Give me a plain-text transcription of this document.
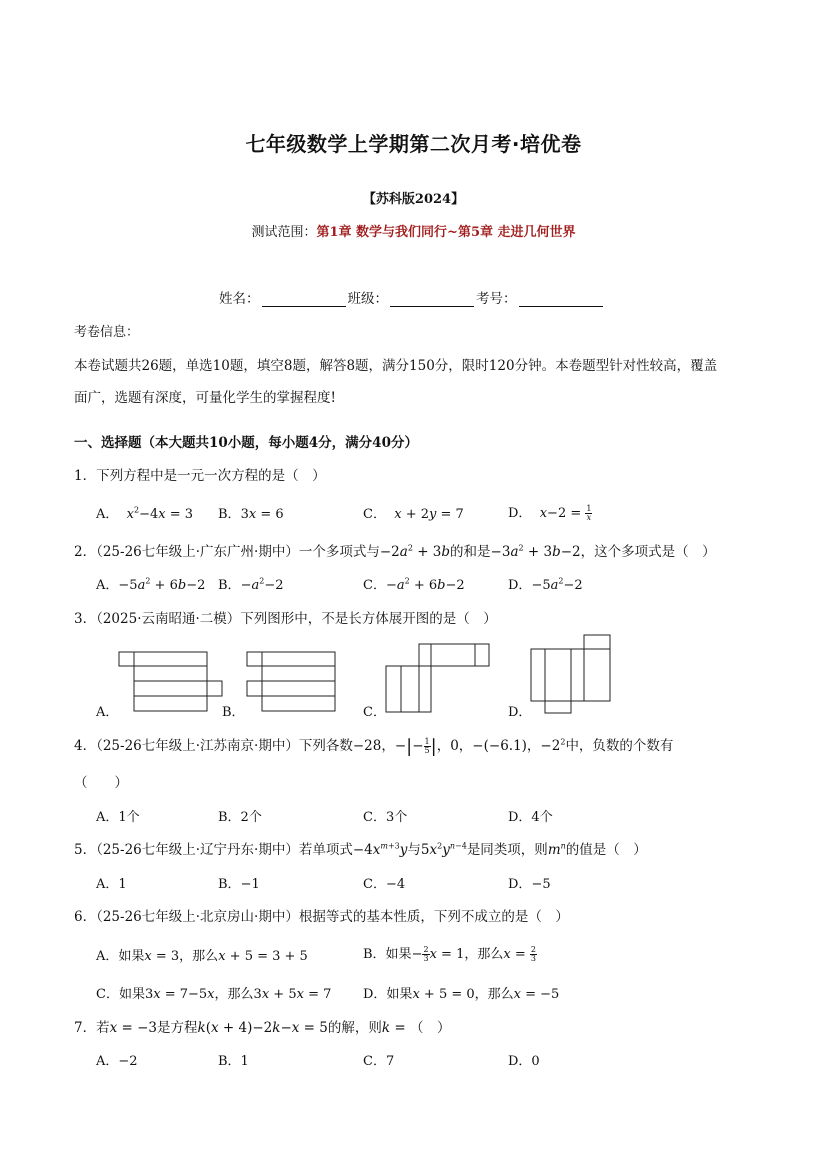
七年级数学上学期第二次月考·培优卷
【苏科版2024】
测试范围：第1章 数学与我们同行~第5章 走进几何世界
姓名：	班级：	考号：
考卷信息：
本卷试题共26题，单选10题，填空8题，解答8题，满分150分，限时120分钟。本卷题型针对性较高，覆盖
面广，选题有深度，可量化学生的掌握程度!
一、选择题（本大题共10小题，每小题4分，满分40分）
1．下列方程中是一元一次方程的是（　）
A． $x^2-4x = 3$ B．3x = 6	C． x + 2y = 7	D． $x-2 = \frac{1}{x}$
2．（25-26七年级上·广东广州·期中）一个多项式与$-2a^2 + 3b$的和是$-3a^2 + 3b-2$，这个多项式是（　）
A．$-5a^2 + 6b-2$ B．$-a^2-2$	C．$-a^2 + 6b-2$	D．$-5a^2-2$
3．（2025·云南昭通·二模）下列图形中，不是长方体展开图的是（　）
A．	B．	C．	D．
4．（25-26七年级上·江苏南京·期中）下列各数−28，−|− $\frac{1}{5}$ |，0，−(−6.1)，$-2^2$中，负数的个数有
（　　）
A．1个	B．2个	C．3个	D．4个
5．（25-26七年级上·辽宁丹东·期中）若单项式$-4x^{m+3}y$与$5x^2y^{n-4}$是同类项，则$m^n$的值是（　）
A．1	B．−1	C．−4	D．−5
6．（25-26七年级上·北京房山·期中）根据等式的基本性质，下列不成立的是（　）
A．如果x = 3，那么x + 5 = 3 + 5	B．如果− $\frac{2}{3}$ x = 1，那么$x = \frac{2}{3}$
C．如果3x = 7−5x，那么3x + 5x = 7 D．如果x + 5 = 0，那么x = −5
7．若x = −3是方程k(x + 4)−2k−x = 5的解，则k = （　）
A．−2	B．1	C．7	D．0
